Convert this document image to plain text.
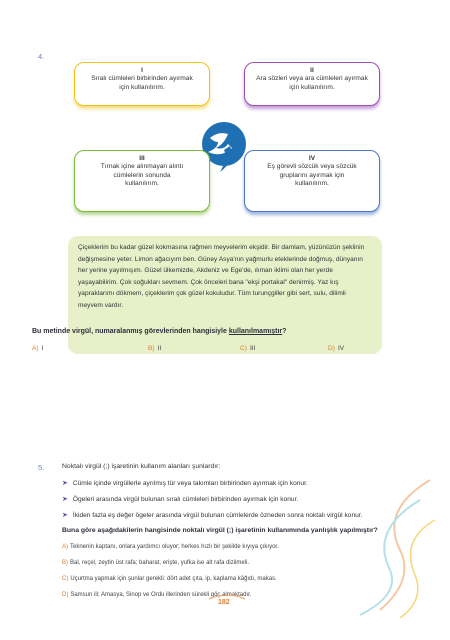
4.
I
Sıralı cümleleri birbirinden ayırmak için kullanılırım.
II
Ara sözleri veya ara cümleleri ayırmak için kullanılırım.
III
Tırnak içine alınmayan alıntı cümlelerin sonunda kullanılırım.
IV
Eş görevli sözcük veya sözcük gruplarını ayırmak için kullanılırım.
Çiçeklerim bu kadar güzel kokmasına rağmen meyvelerim ekşidir. Bir damlam, yüzünüzün şeklinin değişmesine yeter. Limon ağacıyım ben. Güney Asya'nın yağmurlu eteklerinde doğmuş, dünyanın her yerine yayılmışım. Güzel ülkemizde, Akdeniz ve Ege'de, ılıman iklimi olan her yerde yaşayabilirim. Çok soğukları sevmem. Çok önceleri bana "ekşi portakal" denirmiş. Yaz kış yapraklarımı dökmem, çiçeklerim çok güzel kokuludur. Tüm turunçgiller gibi sert, sulu, dilimli meyvem vardır.
Bu metinde virgül, numaralanmış görevlerinden hangisiyle kullanılmamıştır?
A) I	B) II	C) III	D) IV
5.	Noktalı virgül (;) işaretinin kullanım alanları şunlardır:
➤ Cümle içinde virgüllerle ayrılmış tür veya takımları birbirinden ayırmak için konur.
➤ Ögeleri arasında virgül bulunan sıralı cümleleri birbirinden ayırmak için konur.
➤ İkiden fazla eş değer ögeler arasında virgül bulunan cümlelerde özneden sonra noktalı virgül konur.
Buna göre aşağıdakilerin hangisinde noktalı virgül (;) işaretinin kullanımında yanlışlık yapılmıştır?
A) Teknenin kaptanı, onlara yardımcı oluyor; herkes hızlı bir şekilde kıyıya çıkıyor.
B) Bal, reçel, zeytin üst rafa; baharat, erişte, yufka ise alt rafa dizilmeli.
C) Uçurtma yapmak için şunlar gerekli: dört adet çıta, ip, kaplama kâğıdı, makas.
D) Samsun ili; Amasya, Sinop ve Ordu illerinden sürekli göç almaktadır.
182
